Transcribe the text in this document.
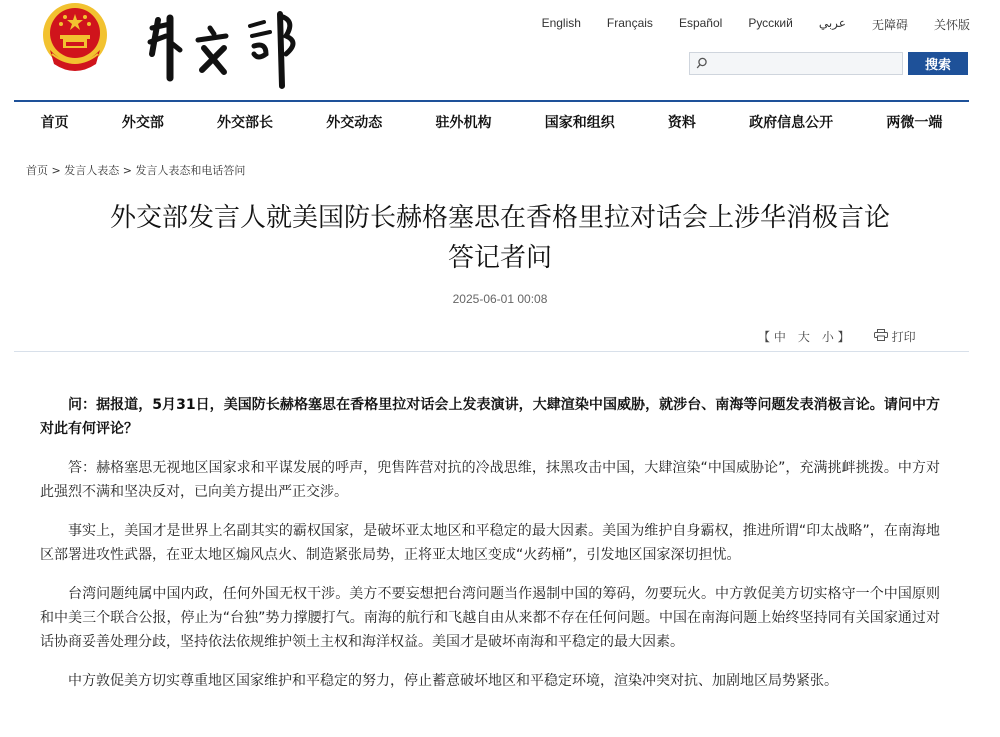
English Français Español Русский عربي 无障碍 关怀版
搜索
首页	外交部	外交部长	外交动态	驻外机构	国家和组织	资料	政府信息公开	两微一端
首页 > 发言人表态 > 发言人表态和电话答问
外交部发言人就美国防长赫格塞思在香格里拉对话会上涉华消极言论
答记者问
2025-06-01 00:08
【 中　大　小 】	打印

问：据报道，5月31日，美国防长赫格塞思在香格里拉对话会上发表演讲，大肆渲染中国威胁，就涉台、南海等问题发表消极言论。请问中方对此有何评论？

答：赫格塞思无视地区国家求和平谋发展的呼声，兜售阵营对抗的冷战思维，抹黑攻击中国，大肆渲染“中国威胁论”，充满挑衅挑拨。中方对此强烈不满和坚决反对，已向美方提出严正交涉。

事实上，美国才是世界上名副其实的霸权国家，是破坏亚太地区和平稳定的最大因素。美国为维护自身霸权，推进所谓“印太战略”，在南海地区部署进攻性武器，在亚太地区煽风点火、制造紧张局势，正将亚太地区变成“火药桶”，引发地区国家深切担忧。

台湾问题纯属中国内政，任何外国无权干涉。美方不要妄想把台湾问题当作遏制中国的筹码，勿要玩火。中方敦促美方切实格守一个中国原则和中美三个联合公报，停止为“台独”势力撑腰打气。南海的航行和飞越自由从来都不存在任何问题。中国在南海问题上始终坚持同有关国家通过对话协商妥善处理分歧，坚持依法依规维护领土主权和海洋权益。美国才是破坏南海和平稳定的最大因素。

中方敦促美方切实尊重地区国家维护和平稳定的努力，停止蓄意破坏地区和平稳定环境，渲染冲突对抗、加剧地区局势紧张。
